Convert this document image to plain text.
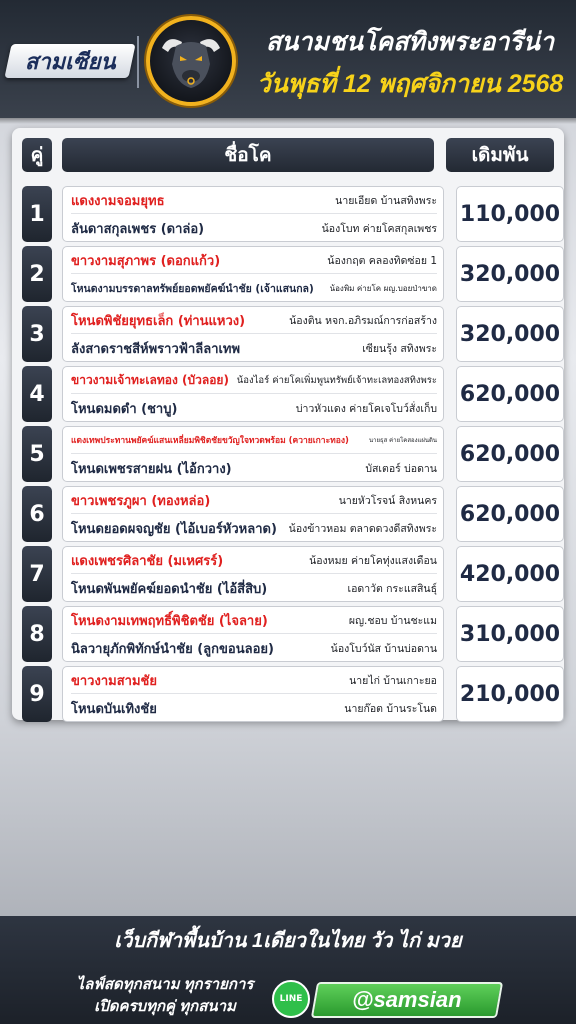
สามเซียน
สนามชนโคสทิงพระอารีน่า
วันพุธที่ 12 พฤศจิกายน 2568
คู่	ชื่อโค	เดิมพัน
1
แดงงามจอมยุทธ	นายเอียด บ้านสทิงพระ
ลันดาสกุลเพชร (ดาล่อ)	น้องโบท ค่ายโคสกุลเพชร
110,000
2
ขาวงามสุภาพร (ดอกแก้ว)	น้องกฤต คลองทิดซ่อย 1
โหนดงามบรรดาลทรัพย์ยอดพยัคฆ์นำชัย (เจ้าแสนกล) น้องพิม ค่ายโค ผญ.บอยป่าขาด
320,000
3
โหนดพิชัยยุทธเล็ก (ท่านแหวง)	น้องติน หจก.อภิรมณ์การก่อสร้าง
ลังสาดราชสีห์พราวฟ้าลีลาเทพ	เซียนรุ้ง สทิงพระ
320,000
4
ขาวงามเจ้าทะเลทอง (บัวลอย) น้องไอร์ ค่ายโคเพิ่มพูนทรัพย์เจ้าทะเลทองสทิงพระ
โหนดมดดำ (ชาบู)	บ่าวหัวแดง ค่ายโคเจโบว์สั่งเก็บ
620,000
5
แดงเทพประทานพยัคฆ์แสนเหลี่ยมพิชิตชัยขวัญใจทวดพร้อม (ควายเกาะทอง)	นายธุส ค่ายโคสองแผ่นดิน
โหนดเพชรสายฝน (ไอ้กวาง)	บัสเตอร์ บ่อดาน
620,000
6
ขาวเพชรภูผา (ทองหล่อ)	นายหัวโรจน์ สิงหนคร
โหนดยอดผจญชัย (ไอ้เบอร์หัวหลาด) น้องข้าวหอม ตลาดดวงดีสทิงพระ
620,000
7
แดงเพชรศิลาชัย (มเหศรร์)	น้องหมย ค่ายโคทุ่งแสงเดือน
โหนดพันพยัคฆ์ยอดนำชัย (ไอ้สี่สิบ)	เอดาวัต กระแสสินธุ์
420,000
8
โหนดงามเทพฤทธิ์พิชิตชัย (ไจลาย)	ผญ.ชอบ บ้านชะแม
นิลวายุภักพิทักษ์นำชัย (ลูกขอนลอย)	น้องโบว์นัส บ้านบ่อดาน
310,000
9
ขาวงามสามชัย	นายไก่ บ้านเกาะยอ
โหนดบันเทิงชัย	นายก๊อต บ้านระโนด
210,000
เว็บกีฬาพื้นบ้าน 1เดียวในไทย วัว ไก่ มวย
ไลฟ์สดทุกสนาม ทุกรายการ
เปิดครบทุกคู่ ทุกสนาม	LINE @samsian
